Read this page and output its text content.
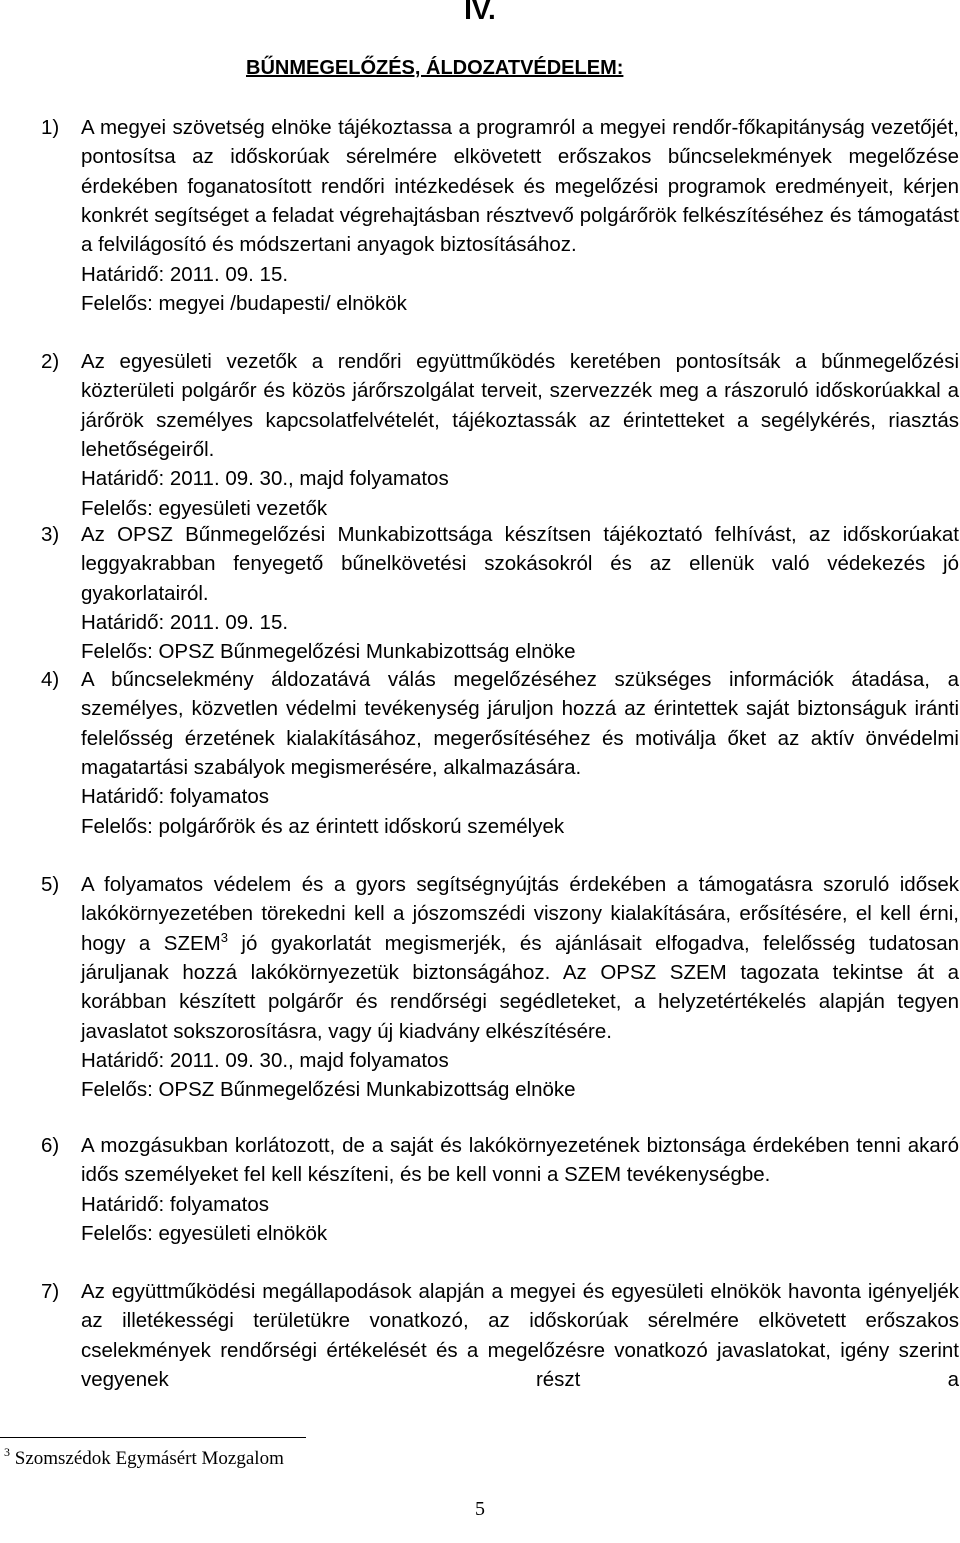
IV.
BŰNMEGELŐZÉS, ÁLDOZATVÉDELEM:
1) A megyei szövetség elnöke tájékoztassa a programról a megyei rendőr-főkapitányság vezetőjét, pontosítsa az időskorúak sérelmére elkövetett erőszakos bűncselekmények megelőzése érdekében foganatosított rendőri intézkedések és megelőzési programok eredményeit, kérjen konkrét segítséget a feladat végrehajtásban résztvevő polgárőrök felkészítéséhez és támogatást a felvilágosító és módszertani anyagok biztosításához.

Határidő: 2011. 09. 15.

Felelős: megyei /budapesti/ elnökök

2) Az egyesületi vezetők a rendőri együttműködés keretében pontosítsák a bűnmegelőzési közterületi polgárőr és közös járőrszolgálat terveit, szervezzék meg a rászoruló időskorúakkal a járőrök személyes kapcsolatfelvételét, tájékoztassák az érintetteket a segélykérés, riasztás lehetőségeiről.

Határidő: 2011. 09. 30., majd folyamatos

Felelős: egyesületi vezetők

3) Az OPSZ Bűnmegelőzési Munkabizottsága készítsen tájékoztató felhívást, az időskorúakat leggyakrabban fenyegető bűnelkövetési szokásokról és az ellenük való védekezés jó gyakorlatairól.

Határidő: 2011. 09. 15.

Felelős: OPSZ Bűnmegelőzési Munkabizottság elnöke

4) A bűncselekmény áldozatává válás megelőzéséhez szükséges információk átadása, a személyes, közvetlen védelmi tevékenység járuljon hozzá az érintettek saját biztonságuk iránti felelősség érzetének kialakításához, megerősítéséhez és motiválja őket az aktív önvédelmi magatartási szabályok megismerésére, alkalmazására.

Határidő: folyamatos

Felelős: polgárőrök és az érintett időskorú személyek

5) A folyamatos védelem és a gyors segítségnyújtás érdekében a támogatásra szoruló idősek lakókörnyezetében törekedni kell a jószomszédi viszony kialakítására, erősítésére, el kell érni, hogy a SZEM$^3$ jó gyakorlatát megismerjék, és ajánlásait elfogadva, felelősség tudatosan járuljanak hozzá lakókörnyezetük biztonságához. Az OPSZ SZEM tagozata tekintse át a korábban készített polgárőr és rendőrségi segédleteket, a helyzetértékelés alapján tegyen javaslatot sokszorosításra, vagy új kiadvány elkészítésére.

Határidő: 2011. 09. 30., majd folyamatos

Felelős: OPSZ Bűnmegelőzési Munkabizottság elnöke

6) A mozgásukban korlátozott, de a saját és lakókörnyezetének biztonsága érdekében tenni akaró idős személyeket fel kell készíteni, és be kell vonni a SZEM tevékenységbe.

Határidő: folyamatos

Felelős: egyesületi elnökök

7) Az együttműködési megállapodások alapján a megyei és egyesületi elnökök havonta igényeljék az illetékességi területükre vonatkozó, az időskorúak sérelmére elkövetett erőszakos cselekmények rendőrségi értékelését és a megelőzésre vonatkozó javaslatokat, igény szerint vegyenek részt a

$^3$ Szomszédok Egymásért Mozgalom
5
